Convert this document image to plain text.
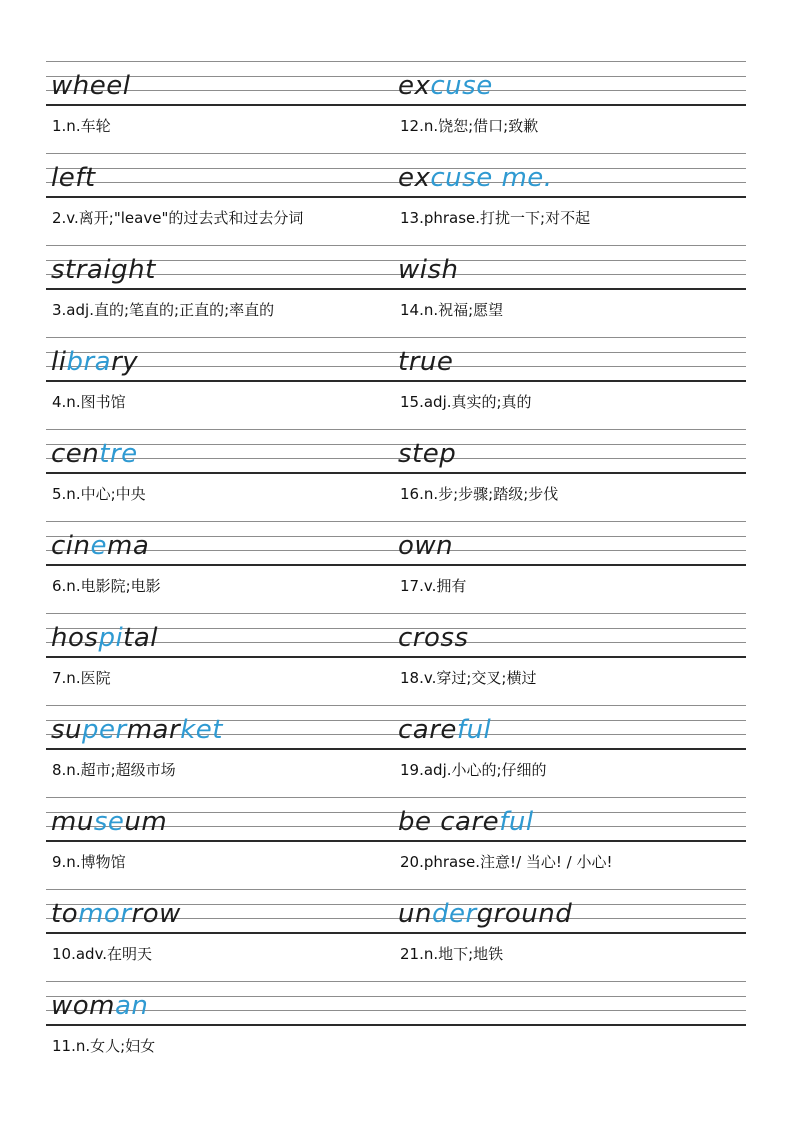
wheel	excuse
1.n.车轮	12.n.饶恕;借口;致歉
left	excuse me.
2.v.离开;"leave"的过去式和过去分词	13.phrase.打扰一下;对不起
straight	wish
3.adj.直的;笔直的;正直的;率直的	14.n.祝福;愿望
library	true
4.n.图书馆	15.adj.真实的;真的
centre	step
5.n.中心;中央	16.n.步;步骤;踏级;步伐
cinema	own
6.n.电影院;电影	17.v.拥有
hospital	cross
7.n.医院	18.v.穿过;交叉;横过
supermarket	careful
8.n.超市;超级市场	19.adj.小心的;仔细的
museum	be careful
9.n.博物馆	20.phrase.注意!/ 当心! / 小心!
tomorrow	underground
10.adv.在明天	21.n.地下;地铁
woman
11.n.女人;妇女
